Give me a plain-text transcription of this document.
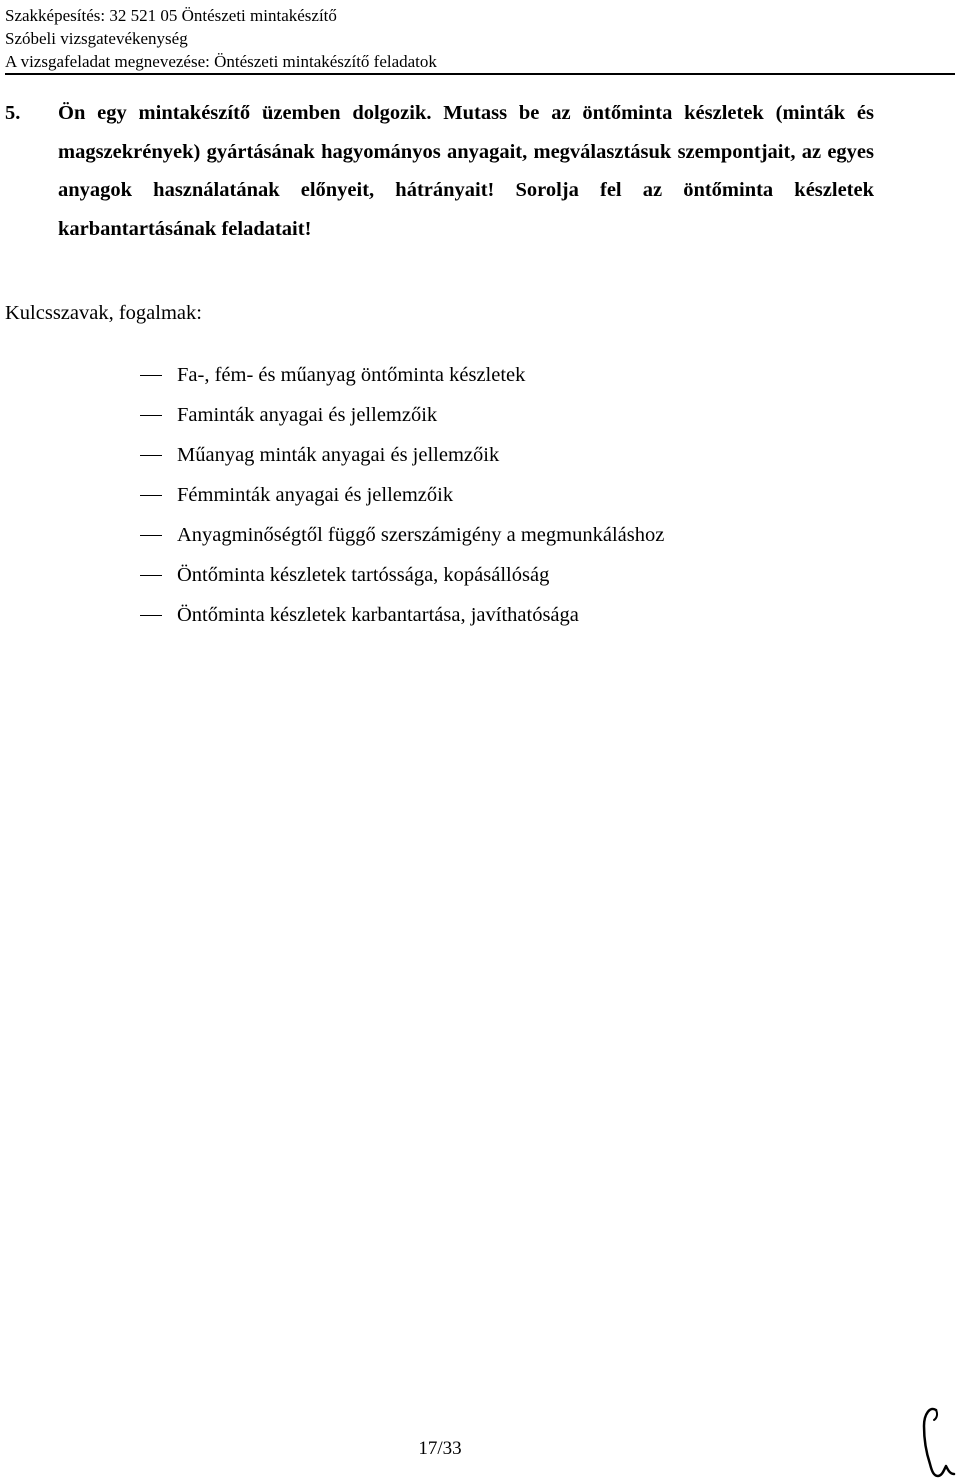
Szakképesítés: 32 521 05 Öntészeti mintakészítő
Szóbeli vizsgatevékenység
A vizsgafeladat megnevezése: Öntészeti mintakészítő feladatok
5. Ön egy mintakészítő üzemben dolgozik. Mutass be az öntőminta készletek (minták és magszekrények) gyártásának hagyományos anyagait, megválasztásuk szempontjait, az egyes anyagok használatának előnyeit, hátrányait! Sorolja fel az öntőminta készletek karbantartásának feladatait!
Kulcsszavak, fogalmak:
Fa-, fém- és műanyag öntőminta készletek
Faminták anyagai és jellemzőik
Műanyag minták anyagai és jellemzőik
Fémminták anyagai és jellemzőik
Anyagminőségtől függő szerszámigény a megmunkáláshoz
Öntőminta készletek tartóssága, kopásállóság
Öntőminta készletek karbantartása, javíthatósága
17/33
